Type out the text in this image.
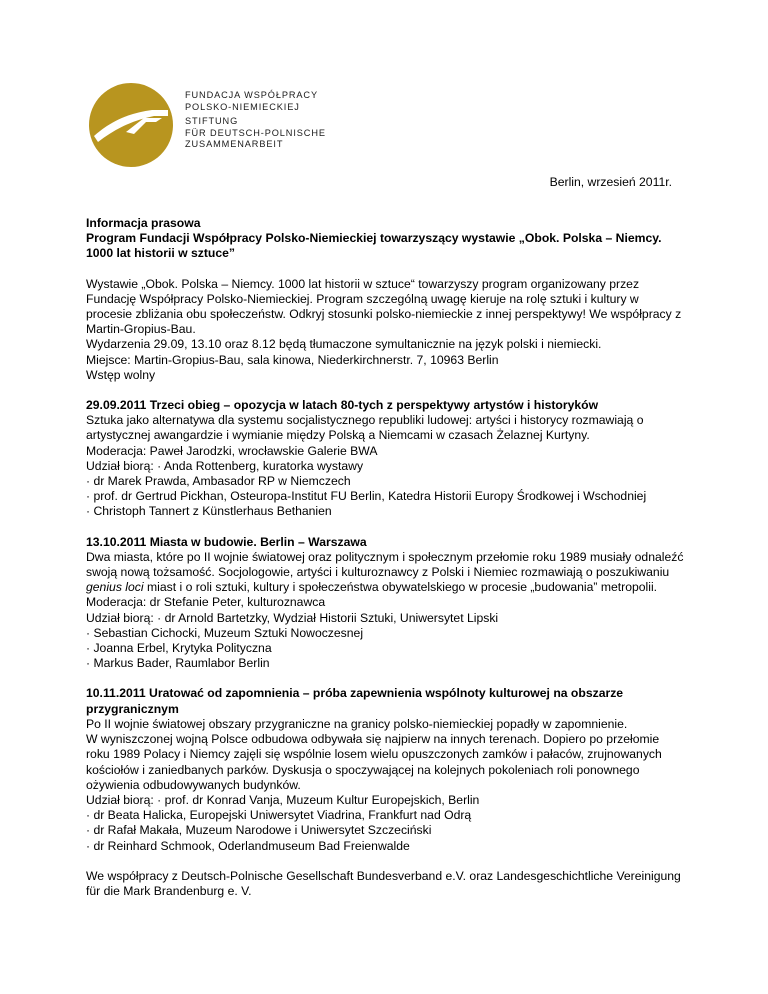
FUNDACJA WSPÓŁPRACY
POLSKO-NIEMIECKIEJ
STIFTUNG
FÜR DEUTSCH-POLNISCHE
ZUSAMMENARBEIT
Berlin, wrzesień 2011r.

Informacja prasowa

Program Fundacji Współpracy Polsko-Niemieckiej towarzyszący wystawie „Obok. Polska – Niemcy. 1000 lat historii w sztuce”

Wystawie „Obok. Polska – Niemcy. 1000 lat historii w sztuce“ towarzyszy program organizowany przez Fundację Współpracy Polsko-Niemieckiej. Program szczególną uwagę kieruje na rolę sztuki i kultury w procesie zbliżania obu społeczeństw. Odkryj stosunki polsko-niemieckie z innej perspektywy! We współpracy z Martin-Gropius-Bau.

Wydarzenia 29.09, 13.10 oraz 8.12 będą tłumaczone symultanicznie na język polski i niemiecki.

Miejsce: Martin-Gropius-Bau, sala kinowa, Niederkirchnerstr. 7, 10963 Berlin

Wstęp wolny

29.09.2011 Trzeci obieg – opozycja w latach 80-tych z perspektywy artystów i historyków

Sztuka jako alternatywa dla systemu socjalistycznego republiki ludowej: artyści i historycy rozmawiają o artystycznej awangardzie i wymianie między Polską a Niemcami w czasach Żelaznej Kurtyny.

Moderacja: Paweł Jarodzki, wrocławskie Galerie BWA

Udział biorą: · Anda Rottenberg, kuratorka wystawy

· dr Marek Prawda, Ambasador RP w Niemczech

· prof. dr Gertrud Pickhan, Osteuropa-Institut FU Berlin, Katedra Historii Europy Środkowej i Wschodniej

· Christoph Tannert z Künstlerhaus Bethanien

13.10.2011 Miasta w budowie. Berlin – Warszawa

Dwa miasta, które po II wojnie światowej oraz politycznym i społecznym przełomie roku 1989 musiały odnaleźć swoją nową tożsamość. Socjologowie, artyści i kulturoznawcy z Polski i Niemiec rozmawiają o poszukiwaniu genius loci miast i o roli sztuki, kultury i społeczeństwa obywatelskiego w procesie „budowania” metropolii.

Moderacja: dr Stefanie Peter, kulturoznawca

Udział biorą: · dr Arnold Bartetzky, Wydział Historii Sztuki, Uniwersytet Lipski

· Sebastian Cichocki, Muzeum Sztuki Nowoczesnej

· Joanna Erbel, Krytyka Polityczna

· Markus Bader, Raumlabor Berlin

10.11.2011 Uratować od zapomnienia – próba zapewnienia wspólnoty kulturowej na obszarze przygranicznym

Po II wojnie światowej obszary przygraniczne na granicy polsko-niemieckiej popadły w zapomnienie.

W wyniszczonej wojną Polsce odbudowa odbywała się najpierw na innych terenach. Dopiero po przełomie roku 1989 Polacy i Niemcy zajęli się wspólnie losem wielu opuszczonych zamków i pałaców, zrujnowanych kościołów i zaniedbanych parków. Dyskusja o spoczywającej na kolejnych pokoleniach roli ponownego ożywienia odbudowywanych budynków.

Udział biorą: · prof. dr Konrad Vanja, Muzeum Kultur Europejskich, Berlin

· dr Beata Halicka, Europejski Uniwersytet Viadrina, Frankfurt nad Odrą

· dr Rafał Makała, Muzeum Narodowe i Uniwersytet Szczeciński

· dr Reinhard Schmook, Oderlandmuseum Bad Freienwalde

We współpracy z Deutsch-Polnische Gesellschaft Bundesverband e.V. oraz Landesgeschichtliche Vereinigung für die Mark Brandenburg e. V.
